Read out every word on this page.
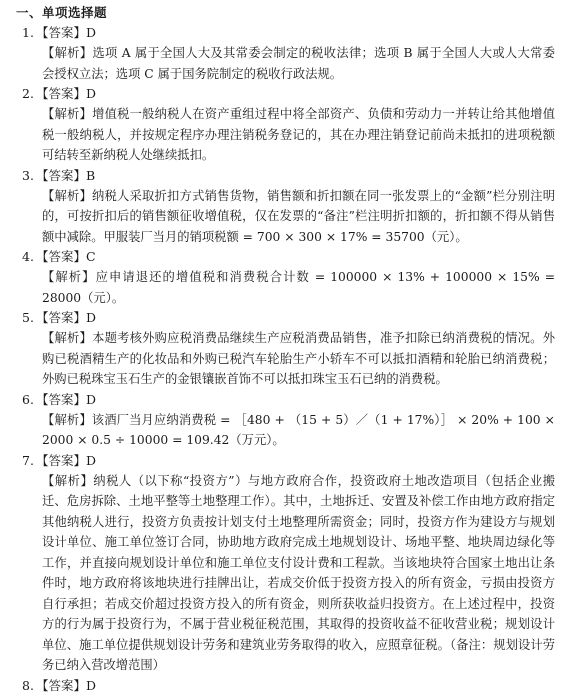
一、单项选择题
1. 【答案】D
【解析】选项 A 属于全国人大及其常委会制定的税收法律；选项 B 属于全国人大或人大常委会授权立法；选项 C 属于国务院制定的税收行政法规。
2. 【答案】D
【解析】增值税一般纳税人在资产重组过程中将全部资产、负债和劳动力一并转让给其他增值税一般纳税人，并按规定程序办理注销税务登记的，其在办理注销登记前尚未抵扣的进项税额可结转至新纳税人处继续抵扣。
3. 【答案】B
【解析】纳税人采取折扣方式销售货物，销售额和折扣额在同一张发票上的“金额”栏分别注明的，可按折扣后的销售额征收增值税，仅在发票的“备注”栏注明折扣额的，折扣额不得从销售额中减除。甲服装厂当月的销项税额 = 700 × 300 × 17% = 35700（元）。
4. 【答案】C
【解析】应申请退还的增值税和消费税合计数 = 100000 × 13% + 100000 × 15% = 28000（元）。
5. 【答案】D
【解析】本题考核外购应税消费品继续生产应税消费品销售，准予扣除已纳消费税的情况。外购已税酒精生产的化妆品和外购已税汽车轮胎生产小轿车不可以抵扣酒精和轮胎已纳消费税；外购已税珠宝玉石生产的金银镶嵌首饰不可以抵扣珠宝玉石已纳的消费税。
6. 【答案】D
【解析】该酒厂当月应纳消费税 = ［480 + （15 + 5）／（1 + 17%）］ × 20% + 100 × 2000 × 0.5 ÷ 10000 = 109.42（万元）。
7. 【答案】D
【解析】纳税人（以下称“投资方”）与地方政府合作，投资政府土地改造项目（包括企业搬迁、危房拆除、土地平整等土地整理工作）。其中，土地拆迁、安置及补偿工作由地方政府指定其他纳税人进行，投资方负责按计划支付土地整理所需资金；同时，投资方作为建设方与规划设计单位、施工单位签订合同，协助地方政府完成土地规划设计、场地平整、地块周边绿化等工作，并直接向规划设计单位和施工单位支付设计费和工程款。当该地块符合国家土地出让条件时，地方政府将该地块进行挂牌出让，若成交价低于投资方投入的所有资金，亏损由投资方自行承担；若成交价超过投资方投入的所有资金，则所获收益归投资方。在上述过程中，投资方的行为属于投资行为，不属于营业税征税范围，其取得的投资收益不征收营业税；规划设计单位、施工单位提供规划设计劳务和建筑业劳务取得的收入，应照章征税。（备注：规划设计劳务已纳入营改增范围）
8. 【答案】D
